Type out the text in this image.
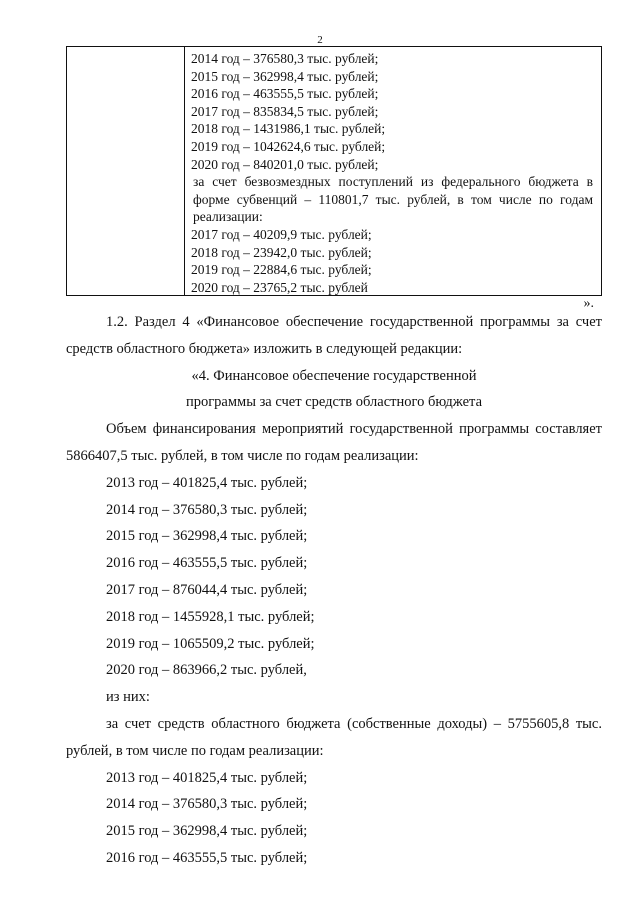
2
2014 год – 376580,3 тыс. рублей;
2015 год – 362998,4 тыс. рублей;
2016 год – 463555,5 тыс. рублей;
2017 год – 835834,5 тыс. рублей;
2018 год – 1431986,1 тыс. рублей;
2019 год – 1042624,6 тыс. рублей;
2020 год – 840201,0 тыс. рублей;
за счет безвозмездных поступлений из федерального бюджета в форме субвенций – 110801,7 тыс. рублей, в том числе по годам реализации:
2017 год – 40209,9 тыс. рублей;
2018 год – 23942,0 тыс. рублей;
2019 год – 22884,6 тыс. рублей;
2020 год – 23765,2 тыс. рублей
».

1.2. Раздел 4 «Финансовое обеспечение государственной программы за счет средств областного бюджета» изложить в следующей редакции:

«4. Финансовое обеспечение государственной

программы за счет средств областного бюджета

Объем финансирования мероприятий государственной программы составляет 5866407,5 тыс. рублей, в том числе по годам реализации:

2013 год – 401825,4 тыс. рублей;

2014 год – 376580,3 тыс. рублей;

2015 год – 362998,4 тыс. рублей;

2016 год – 463555,5 тыс. рублей;

2017 год – 876044,4 тыс. рублей;

2018 год – 1455928,1 тыс. рублей;

2019 год – 1065509,2 тыс. рублей;

2020 год – 863966,2 тыс. рублей,

из них:

за счет средств областного бюджета (собственные доходы) – 5755605,8 тыс. рублей, в том числе по годам реализации:

2013 год – 401825,4 тыс. рублей;

2014 год – 376580,3 тыс. рублей;

2015 год – 362998,4 тыс. рублей;

2016 год – 463555,5 тыс. рублей;
